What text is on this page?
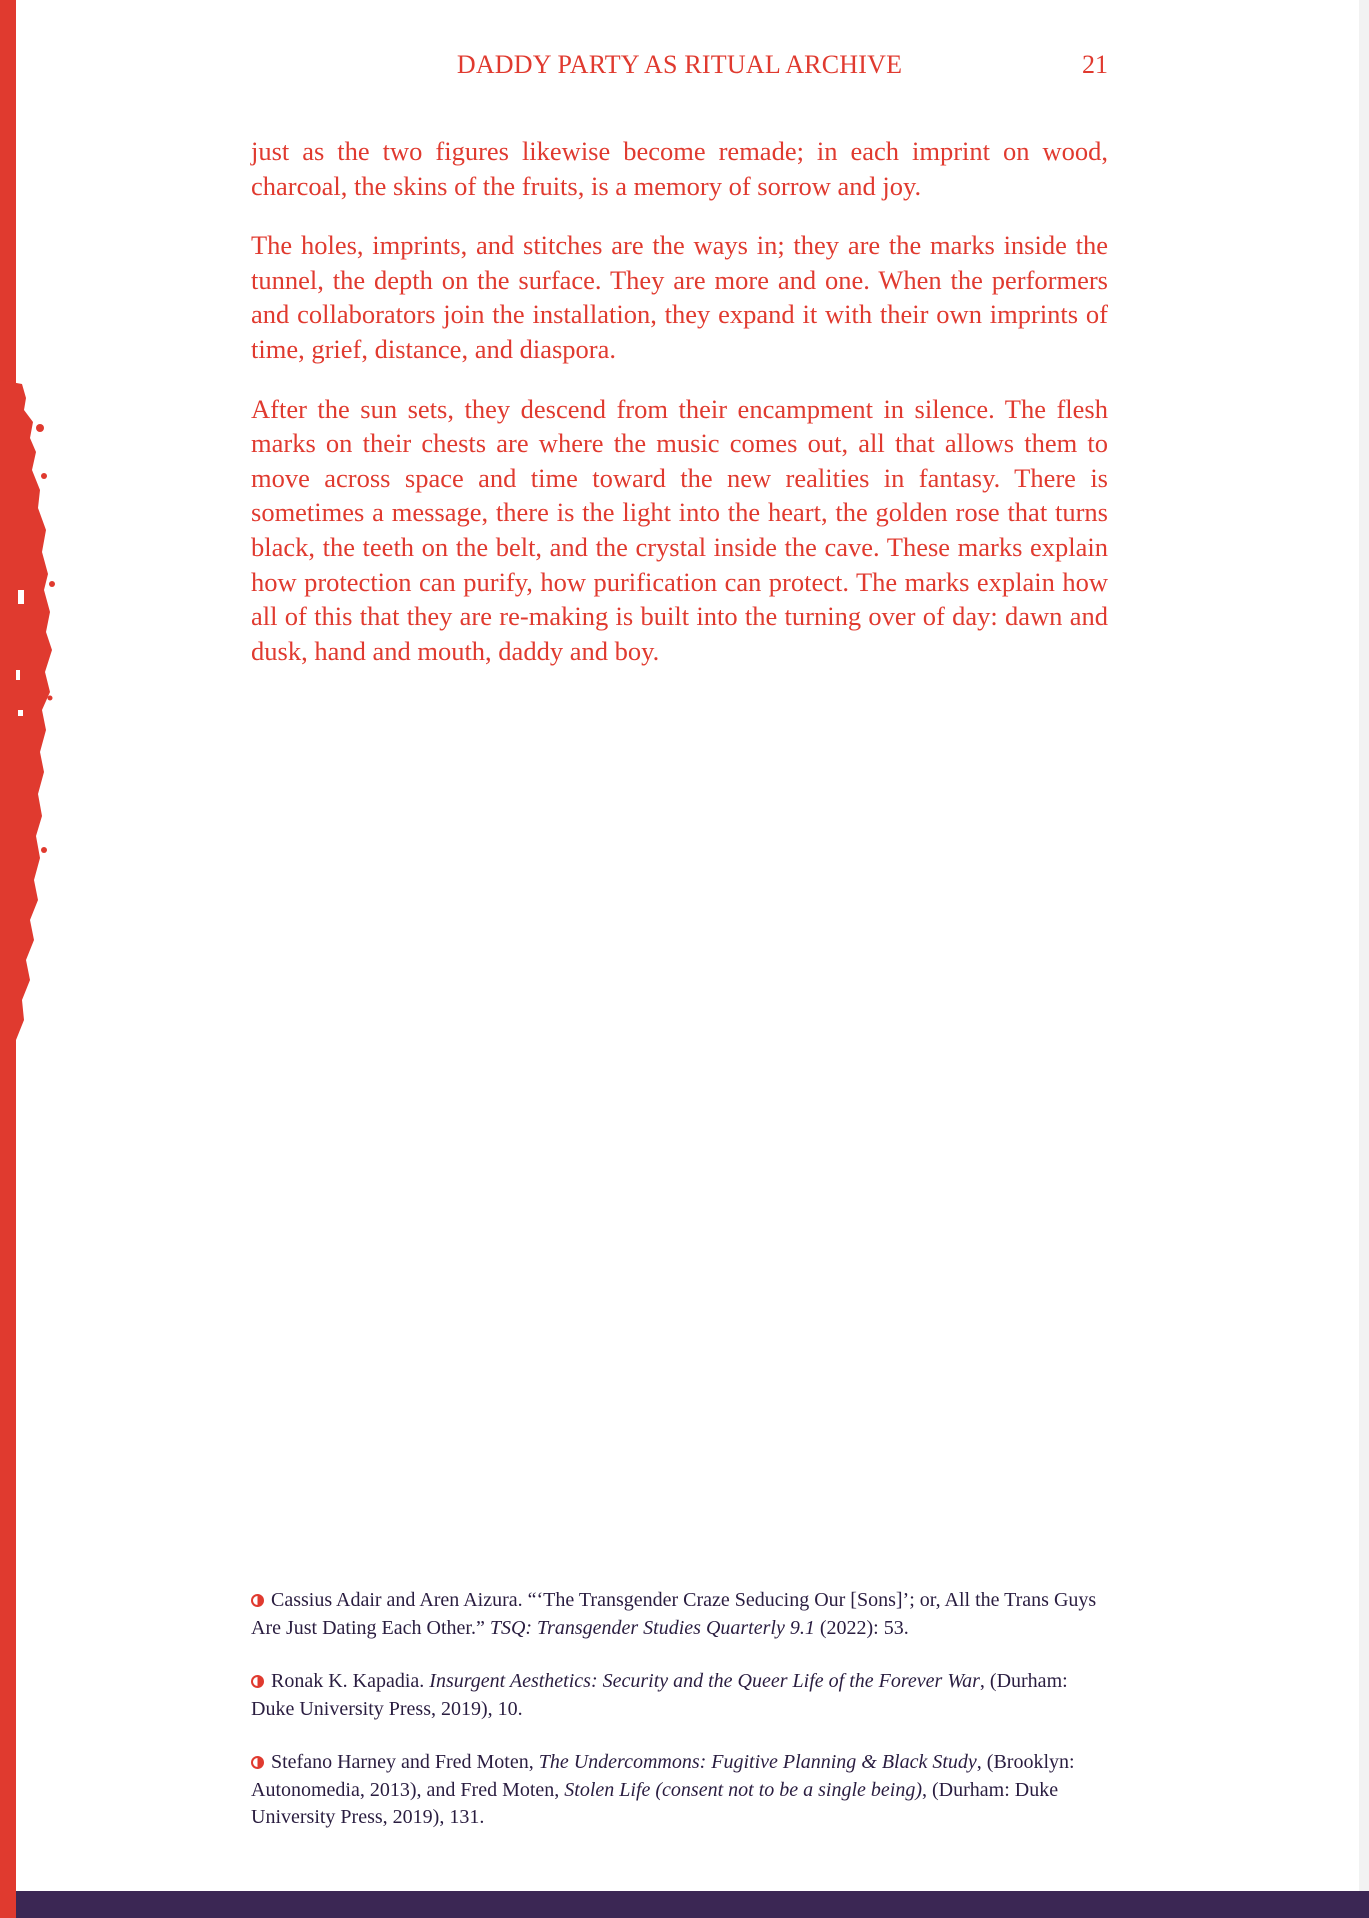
DADDY PARTY AS RITUAL ARCHIVE	21

just as the two figures likewise become remade; in each imprint on wood, charcoal, the skins of the fruits, is a memory of sorrow and joy.

The holes, imprints, and stitches are the ways in; they are the marks inside the tunnel, the depth on the surface. They are more and one. When the performers and collaborators join the installation, they expand it with their own imprints of time, grief, distance, and diaspora.

After the sun sets, they descend from their encampment in silence. The flesh marks on their chests are where the music comes out, all that allows them to move across space and time toward the new realities in fantasy. There is sometimes a message, there is the light into the heart, the golden rose that turns black, the teeth on the belt, and the crystal inside the cave. These marks explain how protection can purify, how purification can protect. The marks explain how all of this that they are re-making is built into the turning over of day: dawn and dusk, hand and mouth, daddy and boy.

Cassius Adair and Aren Aizura. “‘The Transgender Craze Seducing Our [Sons]’; or, All the Trans Guys Are Just Dating Each Other.” TSQ: Transgender Studies Quarterly 9.1 (2022): 53.

Ronak K. Kapadia. Insurgent Aesthetics: Security and the Queer Life of the Forever War, (Durham: Duke University Press, 2019), 10.

Stefano Harney and Fred Moten, The Undercommons: Fugitive Planning & Black Study, (Brooklyn: Autonomedia, 2013), and Fred Moten, Stolen Life (consent not to be a single being), (Durham: Duke University Press, 2019), 131.
